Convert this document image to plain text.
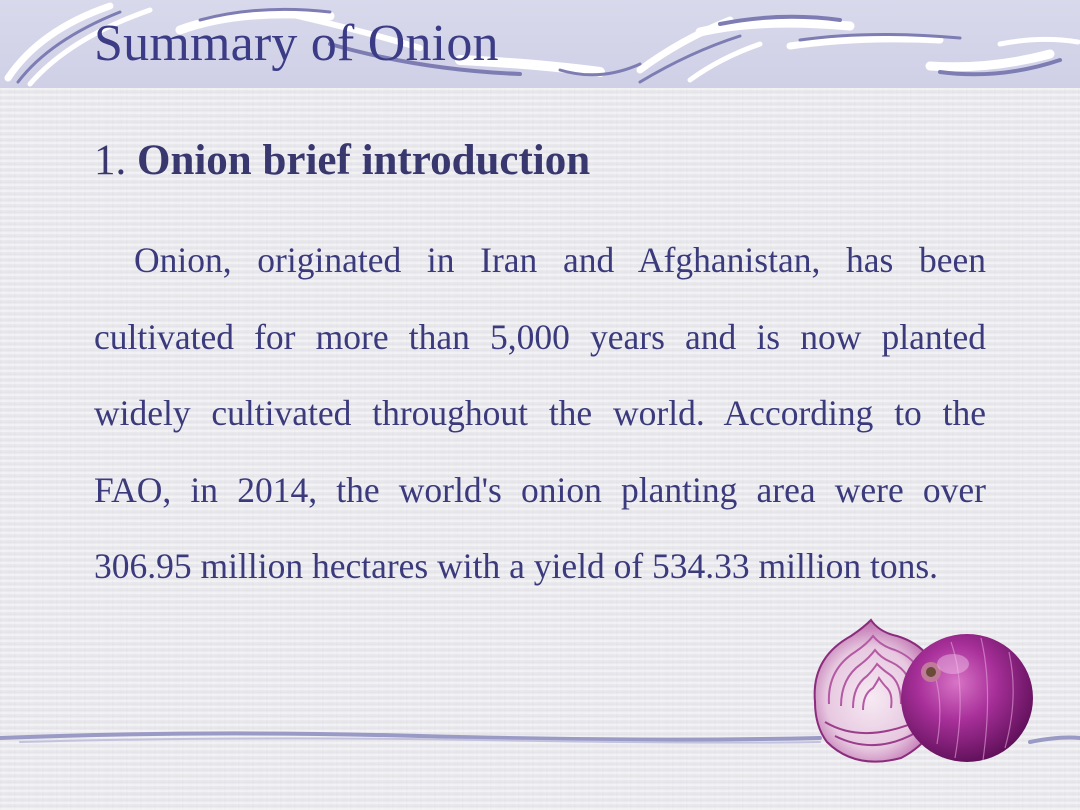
Summary of Onion
1. Onion brief introduction

Onion, originated in Iran and Afghanistan, has been cultivated for more than 5,000 years and is now planted widely cultivated throughout the world. According to the FAO, in 2014, the world's onion planting area were over 306.95 million hectares with a yield of 534.33 million tons.
